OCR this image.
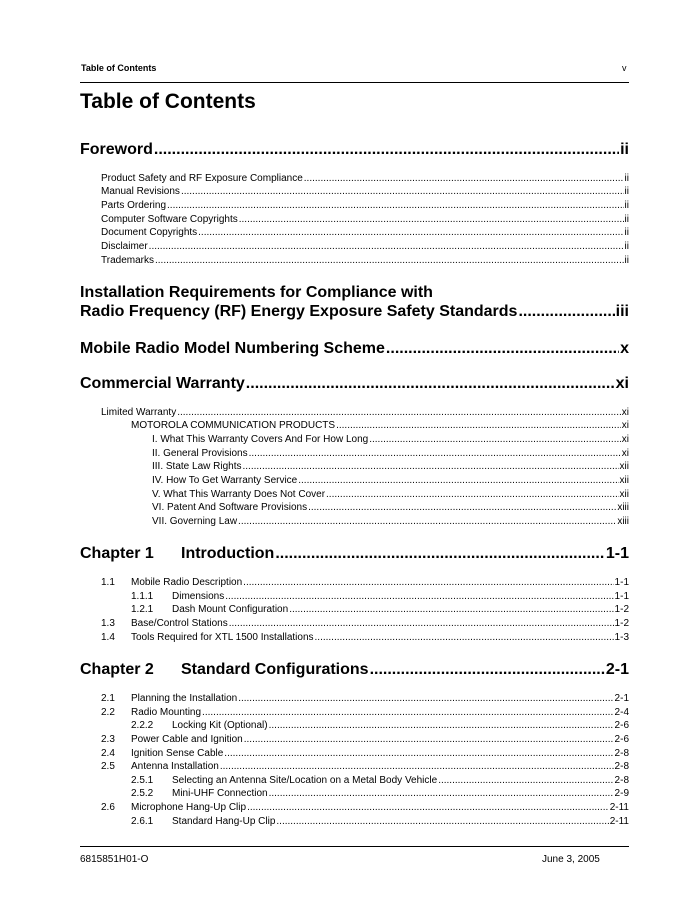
Table of Contents	v
Table of Contents
Foreword .....	ii
Product Safety and RF Exposure Compliance .....	ii
Manual Revisions .....	ii
Parts Ordering .....	ii
Computer Software Copyrights .....	ii
Document Copyrights .....	ii
Disclaimer .....	ii
Trademarks .....	ii
Installation Requirements for Compliance with
Radio Frequency (RF) Energy Exposure Safety Standards .....	iii
Mobile Radio Model Numbering Scheme .....	x
Commercial Warranty .....	xi
Limited Warranty .....	xi
MOTOROLA COMMUNICATION PRODUCTS .....	xi
I. What This Warranty Covers And For How Long .....	xi
II. General Provisions .....	xi
III. State Law Rights .....	xii
IV. How To Get Warranty Service .....	xii
V. What This Warranty Does Not Cover .....	xii
VI. Patent And Software Provisions .....	xiii
VII. Governing Law .....	xiii
Chapter 1 Introduction .....	1-1
1.1 Mobile Radio Description .....	1-1
1.1.1 Dimensions .....	1-1
1.2.1 Dash Mount Configuration .....	1-2
1.3 Base/Control Stations .....	1-2
1.4 Tools Required for XTL 1500 Installations .....	1-3
Chapter 2 Standard Configurations .....	2-1
2.1 Planning the Installation .....	2-1
2.2 Radio Mounting .....	2-4
2.2.2 Locking Kit (Optional) .....	2-6
2.3 Power Cable and Ignition .....	2-6
2.4 Ignition Sense Cable .....	2-8
2.5 Antenna Installation .....	2-8
2.5.1 Selecting an Antenna Site/Location on a Metal Body Vehicle .....	2-8
2.5.2 Mini-UHF Connection .....	2-9
2.6 Microphone Hang-Up Clip .....	2-11
2.6.1 Standard Hang-Up Clip .....	2-11
6815851H01-O	June 3, 2005
